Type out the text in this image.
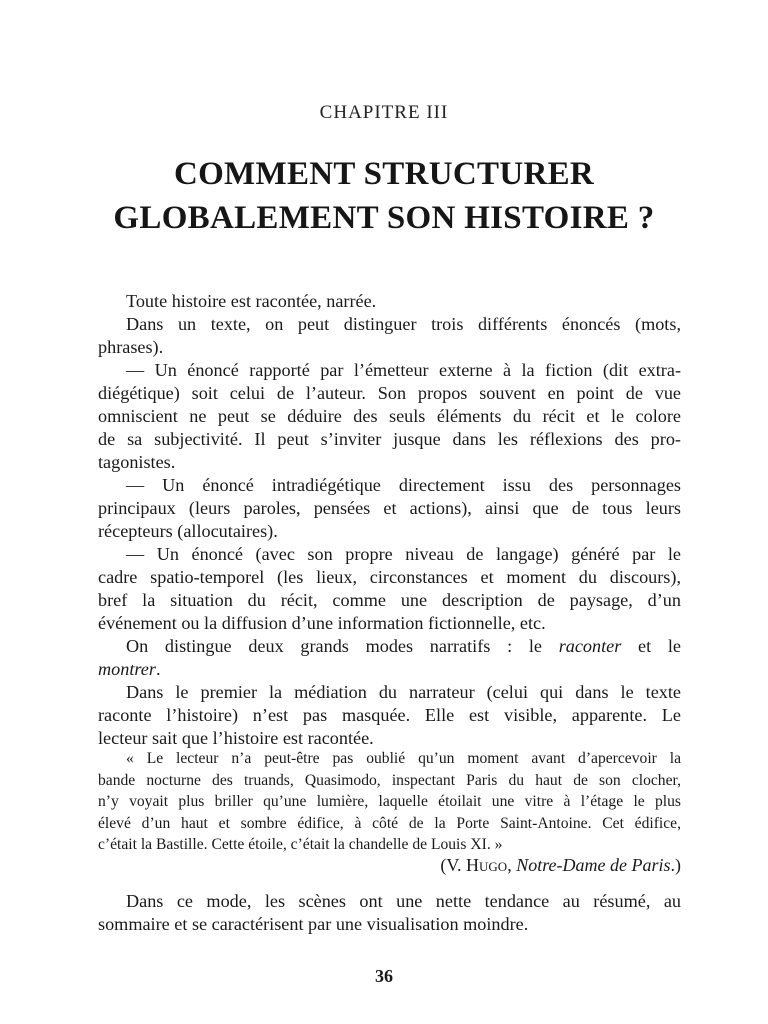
CHAPITRE III
COMMENT STRUCTURER
GLOBALEMENT SON HISTOIRE ?
Toute histoire est racontée, narrée.
Dans un texte, on peut distinguer trois différents énoncés (mots,
phrases).
— Un énoncé rapporté par l’émetteur externe à la fiction (dit extra-
diégétique) soit celui de l’auteur. Son propos souvent en point de vue
omniscient ne peut se déduire des seuls éléments du récit et le colore
de sa subjectivité. Il peut s’inviter jusque dans les réflexions des pro-
tagonistes.
— Un énoncé intradiégétique directement issu des personnages
principaux (leurs paroles, pensées et actions), ainsi que de tous leurs
récepteurs (allocutaires).
— Un énoncé (avec son propre niveau de langage) généré par le
cadre spatio-temporel (les lieux, circonstances et moment du discours),
bref la situation du récit, comme une description de paysage, d’un
événement ou la diffusion d’une information fictionnelle, etc.
On distingue deux grands modes narratifs : le raconter et le
montrer.
Dans le premier la médiation du narrateur (celui qui dans le texte
raconte l’histoire) n’est pas masquée. Elle est visible, apparente. Le
lecteur sait que l’histoire est racontée.
« Le lecteur n’a peut-être pas oublié qu’un moment avant d’apercevoir la
bande nocturne des truands, Quasimodo, inspectant Paris du haut de son clocher,
n’y voyait plus briller qu’une lumière, laquelle étoilait une vitre à l’étage le plus
élevé d’un haut et sombre édifice, à côté de la Porte Saint-Antoine. Cet édifice,
c’était la Bastille. Cette étoile, c’était la chandelle de Louis XI. »
(V. Hugo, Notre-Dame de Paris.)
Dans ce mode, les scènes ont une nette tendance au résumé, au
sommaire et se caractérisent par une visualisation moindre.
36
